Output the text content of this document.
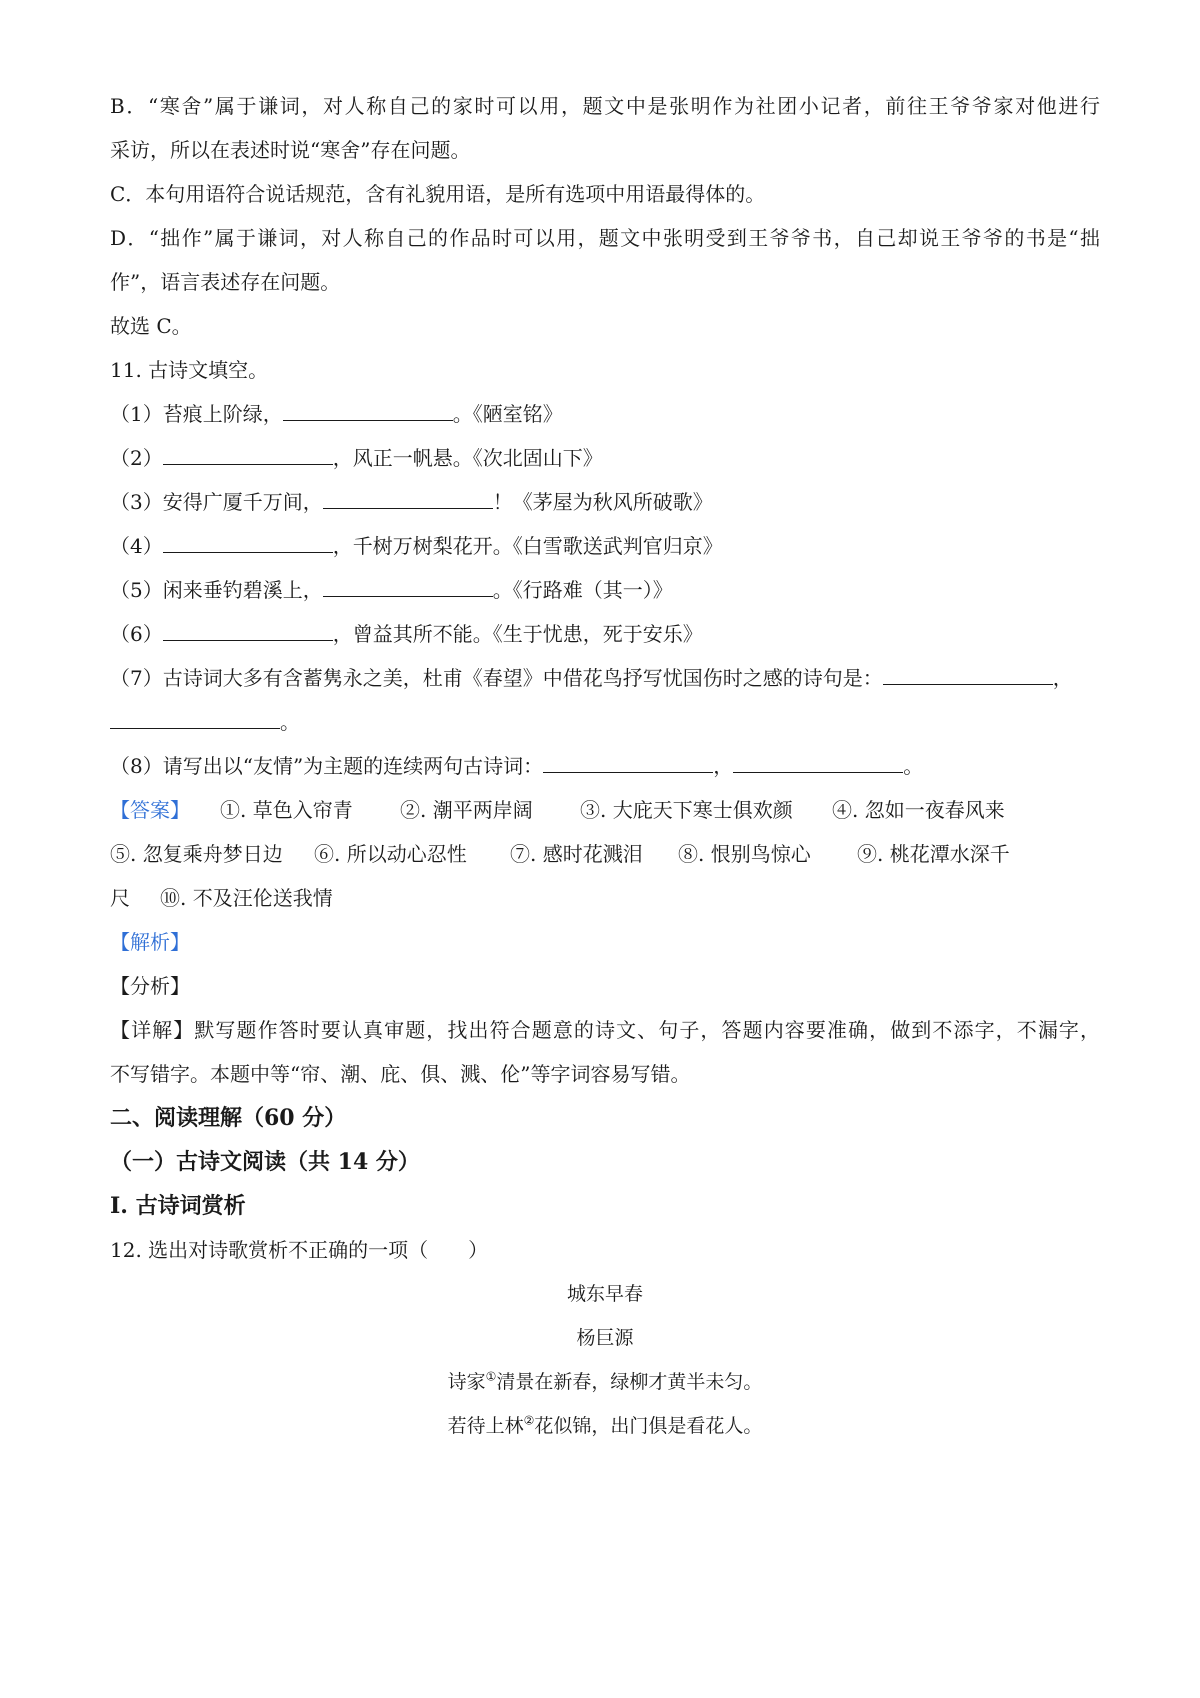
B．“寒舍”属于谦词，对人称自己的家时可以用，题文中是张明作为社团小记者，前往王爷爷家对他进行
采访，所以在表述时说“寒舍”存在问题。
C．本句用语符合说话规范，含有礼貌用语，是所有选项中用语最得体的。
D．“拙作”属于谦词，对人称自己的作品时可以用，题文中张明受到王爷爷书，自己却说王爷爷的书是“拙
作”，语言表述存在问题。
故选 C。
11. 古诗文填空。
（1）苔痕上阶绿，	。《陋室铭》
（2）	，风正一帆悬。《次北固山下》
（3）安得广厦千万间，	！《茅屋为秋风所破歌》
（4）	，千树万树梨花开。《白雪歌送武判官归京》
（5）闲来垂钓碧溪上，	。《行路难（其一）》
（6）	，曾益其所不能。《生于忧患，死于安乐》
（7）古诗词大多有含蓄隽永之美，杜甫《春望》中借花鸟抒写忧国伤时之感的诗句是：	，
。
（8）请写出以“友情”为主题的连续两句古诗词：	，	。
【答案】 ①. 草色入帘青 ②. 潮平两岸阔 ③. 大庇天下寒士俱欢颜 ④. 忽如一夜春风来
⑤. 忽复乘舟梦日边 ⑥. 所以动心忍性 ⑦. 感时花溅泪 ⑧. 恨别鸟惊心 ⑨. 桃花潭水深千
尺 ⑩. 不及汪伦送我情
【解析】
【分析】
【详解】默写题作答时要认真审题，找出符合题意的诗文、句子，答题内容要准确，做到不添字，不漏字，
不写错字。本题中等“帘、潮、庇、俱、溅、伦”等字词容易写错。
二、阅读理解（60 分）
（一）古诗文阅读（共 14 分）
Ⅰ. 古诗词赏析
12. 选出对诗歌赏析不正确的一项（　　）
城东早春
杨巨源
诗家①清景在新春，绿柳才黄半未匀。
若待上林②花似锦，出门俱是看花人。
